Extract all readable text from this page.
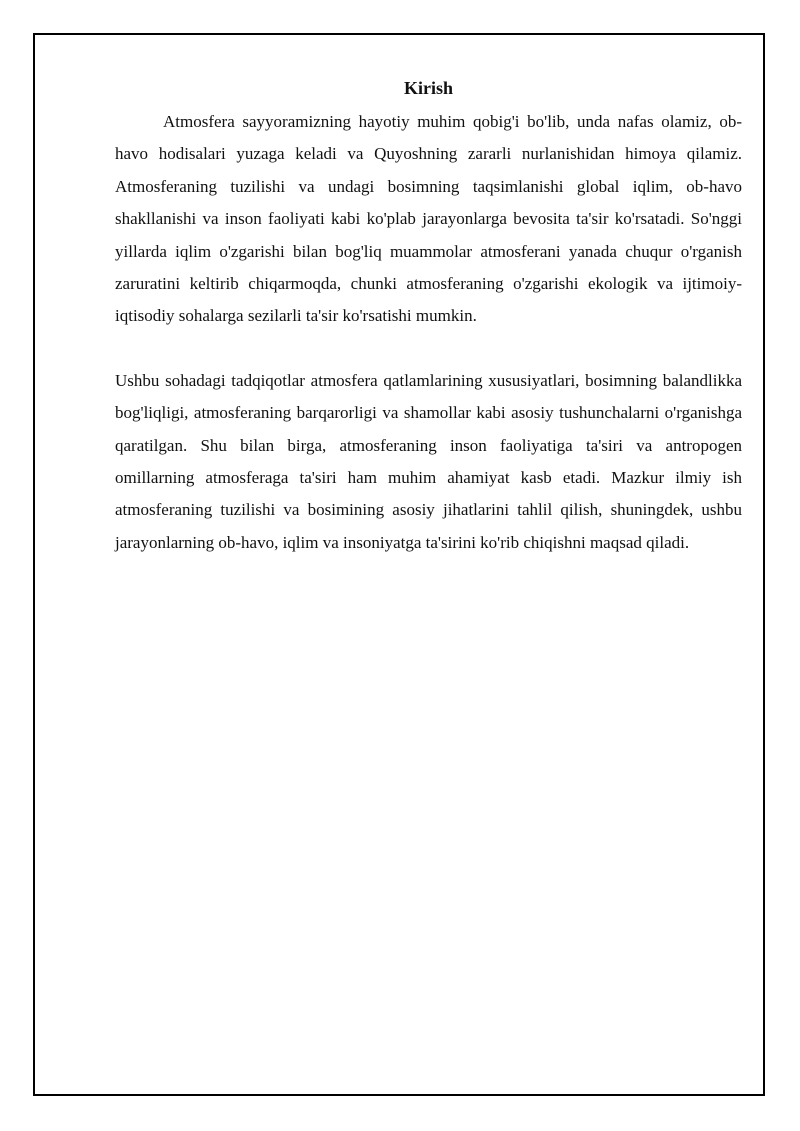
Kirish

Atmosfera sayyoramizning hayotiy muhim qobig'i bo'lib, unda nafas olamiz, ob-havo hodisalari yuzaga keladi va Quyoshning zararli nurlanishidan himoya qilamiz. Atmosferaning tuzilishi va undagi bosimning taqsimlanishi global iqlim, ob-havo shakllanishi va inson faoliyati kabi ko'plab jarayonlarga bevosita ta'sir ko'rsatadi. So'nggi yillarda iqlim o'zgarishi bilan bog'liq muammolar atmosferani yanada chuqur o'rganish zaruratini keltirib chiqarmoqda, chunki atmosferaning o'zgarishi ekologik va ijtimoiy-iqtisodiy sohalarga sezilarli ta'sir ko'rsatishi mumkin.

Ushbu sohadagi tadqiqotlar atmosfera qatlamlarining xususiyatlari, bosimning balandlikka bog'liqligi, atmosferaning barqarorligi va shamollar kabi asosiy tushunchalarni o'rganishga qaratilgan. Shu bilan birga, atmosferaning inson faoliyatiga ta'siri va antropogen omillarning atmosferaga ta'siri ham muhim ahamiyat kasb etadi. Mazkur ilmiy ish atmosferaning tuzilishi va bosimining asosiy jihatlarini tahlil qilish, shuningdek, ushbu jarayonlarning ob-havo, iqlim va insoniyatga ta'sirini ko'rib chiqishni maqsad qiladi.
